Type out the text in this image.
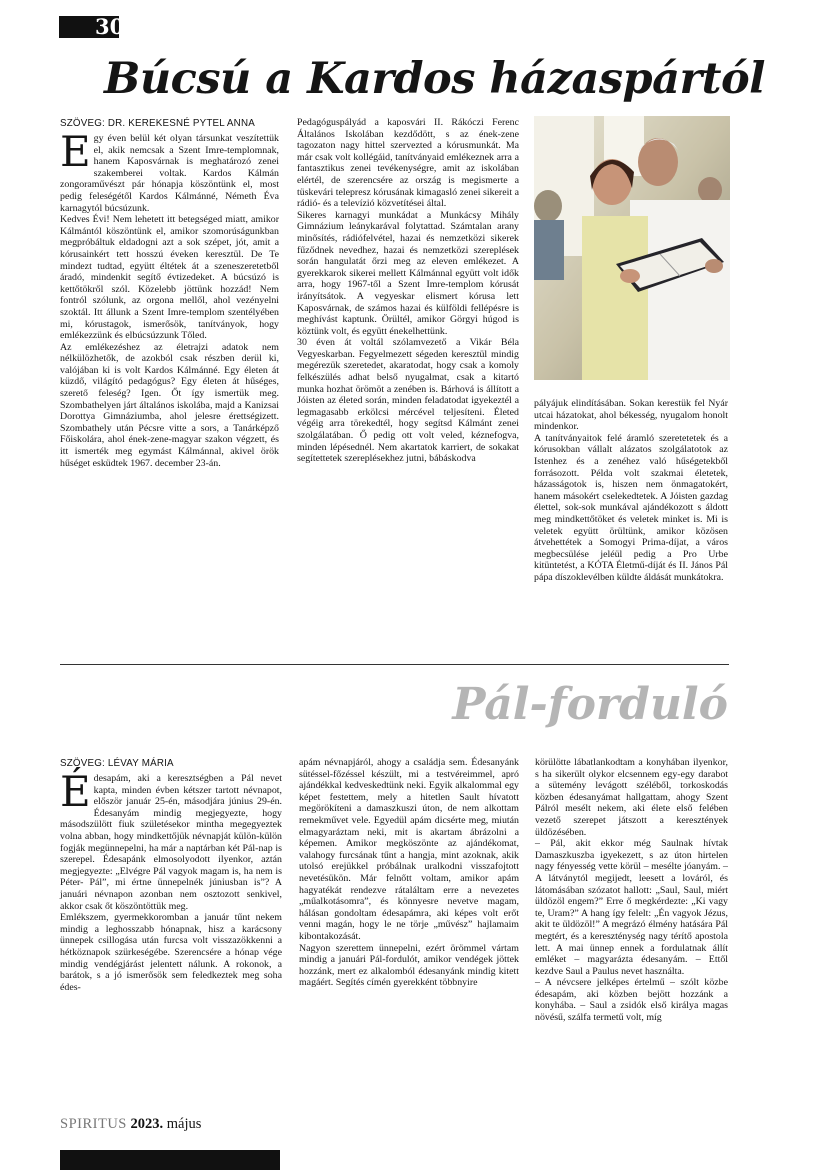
30
Búcsú a Kardos házaspártól
SZÖVEG: DR. KEREKESNÉ PYTEL ANNA
E gy éven belül két olyan társunkat veszítettük el, akik nemcsak a Szent Imre-templomnak, hanem Kaposvárnak is meghatározó zenei szakemberei voltak. Kardos Kálmán zongoraművészt pár hónapja köszöntünk el, most pedig feleségétől Kardos Kálmánné, Németh Éva karnagytól búcsúzunk.

Kedves Évi! Nem lehetett itt betegséged miatt, amikor Kálmántól köszöntünk el, amikor szomorúságunkban megpróbáltuk eldadogni azt a sok szépet, jót, amit a kórusainkért tett hosszú éveken keresztül. De Te mindezt tudtad, együtt éltétek át a szeneszeretetből áradó, mindenkit segítő évtizedeket. A búcsúzó is kettőtökről szól. Közelebb jöttünk hozzád! Nem fontról szólunk, az orgona mellől, ahol vezényelni szoktál. Itt állunk a Szent Imre-templom szentélyében mi, kórustagok, ismerősök, tanítványok, hogy emlékezzünk és elbúcsúzzunk Tőled.

Az emlékezéshez az életrajzi adatok nem nélkülözhetők, de azokból csak részben derül ki, valójában ki is volt Kardos Kálmánné. Egy életen át küzdő, világító pedagógus? Egy életen át hűséges, szerető feleség? Igen. Őt így ismertük meg. Szombathelyen járt általános iskolába, majd a Kanizsai Dorottya Gimnáziumba, ahol jelesre érettségizett. Szombathely után Pécsre vitte a sors, a Tanárképző Főiskolára, ahol ének-zene-magyar szakon végzett, és itt ismerték meg egymást Kálmánnal, akivel örök hűséget esküdtek 1967. december 23-án.

Pedagóguspályád a kaposvári II. Rákóczi Ferenc Általános Iskolában kezdődött, s az ének-zene tagozaton nagy hittel szervezted a kórusmunkát. Ma már csak volt kollégáid, tanítványaid emlékeznek arra a fantasztikus zenei tevékenységre, amit az iskolában elértél, de szerencsére az ország is megismerte a tüskevári telepresz kórusának kimagasló zenei sikereit a rádió- és a televízió közvetítései által.

Sikeres karnagyi munkádat a Munkácsy Mihály Gimnázium leánykarával folytattad. Számtalan arany minősítés, rádiófelvétel, hazai és nemzetközi sikerek fűződnek nevedhez, hazai és nemzetközi szereplések során hangulatát őrzi meg az eleven emlékezet. A gyerekkarok sikerei mellett Kálmánnal együtt volt idők arra, hogy 1967-től a Szent Imre-templom kórusát irányítsátok. A vegyeskar elismert kórusa lett Kaposvárnak, de számos hazai és külföldi fellépésre is meghívást kaptunk. Örültél, amikor Görgyi húgod is köztünk volt, és együtt énekelhettünk.

30 éven át voltál szólamvezető a Vikár Béla Vegyeskarban. Fegyelmezett ségeden keresztül mindig megérezük szeretedet, akaratodat, hogy csak a komoly felkészülés adhat belső nyugalmat, csak a kitartó munka hozhat örömöt a zenében is. Bárhová is állított a Jóisten az életed során, minden feladatodat igyekeztél a legmagasabb erkölcsi mércével teljesíteni. Életed végéig arra törekedtél, hogy segítsd Kálmánt zenei szolgálatában. Ő pedig ott volt veled, kéznefogva, minden lépésednél. Nem akartatok karriert, de sokakat segítettetek szereplésekhez jutni, bábáskodva

pályájuk elindításában. Sokan kerestük fel Nyár utcai házatokat, ahol békesség, nyugalom honolt mindenkor.

A tanítványaitok felé áramló szeretetetek és a kórusokban vállalt alázatos szolgálatotok az Istenhez és a zenéhez való hűségetekből forrásozott. Példa volt szakmai életetek, házasságotok is, hiszen nem önmagatokért, hanem másokért cselekedtetek. A Jóisten gazdag élettel, sok-sok munkával ajándékozott s áldott meg mindkettőtöket és veletek minket is. Mi is veletek együtt örültünk, amikor közösen átvehettétek a Somogyi Prima-díjat, a város megbecsülése jeléül pedig a Pro Urbe kitüntetést, a KÓTA Életmű-díját és II. János Pál pápa díszoklevélben küldte áldását munkátokra.

Pál-forduló
SZÖVEG: LÉVAY MÁRIA
É desapám, aki a keresztségben a Pál nevet kapta, minden évben kétszer tartott névnapot, először január 25-én, másodjára június 29-én. Édesanyám mindig megjegyezte, hogy másodszülött fiuk születésekor mintha megegyeztek volna abban, hogy mindkettőjük névnapját külön-külön fogják megünnepelni, ha már a naptárban két Pál-nap is szerepel. Édesapánk elmosolyodott ilyenkor, aztán megjegyezte: „Elvégre Pál vagyok magam is, ha nem is Péter- Pál”, mi értne ünnepelnék júniusban is”? A januári névnapon azonban nem osztozott senkivel, akkor csak őt köszöntöttük meg.

Emlékszem, gyermekkoromban a január tűnt nekem mindig a leghosszabb hónapnak, hisz a karácsony ünnepek csillogása után furcsa volt visszazökkenni a hétköznapok szürkeségébe. Szerencsére a hónap vége mindig vendégjárást jelentett nálunk. A rokonok, a barátok, s a jó ismerősök sem feledkeztek meg soha édes-

apám névnapjáról, ahogy a családja sem. Édesanyánk sütéssel-főzéssel készült, mi a testvéreimmel, apró ajándékkal kedveskedtünk neki. Egyik alkalommal egy képet festettem, mely a hitetlen Sault hívatott megörökíteni a damaszkuszi úton, de nem alkottam remekművet vele. Egyedül apám dicsérte meg, miután elmagyaráztam neki, mit is akartam ábrázolni a képemen. Amikor megköszönte az ajándékomat, valahogy furcsának tűnt a hangja, mint azoknak, akik utolsó erejükkel próbálnak uralkodni visszafojtott nevetésükön. Már felnőtt voltam, amikor apám hagyatékát rendezve rátaláltam erre a nevezetes „műalkotásomra”, és könnyesre nevetve magam, hálásan gondoltam édesapámra, aki képes volt erőt venni magán, hogy le ne törje „művész” hajlamaim kibontakozását.

Nagyon szerettem ünnepelni, ezért örömmel vártam mindig a januári Pál-fordulót, amikor vendégek jöttek hozzánk, mert ez alkalomból édesanyánk mindig kitett magáért. Segítés címén gyerekként többnyire

körülötte lábatlankodtam a konyhában ilyenkor, s ha sikerült olykor elcsennem egy-egy darabot a sütemény levágott széléből, torkoskodás közben édesanyámat hallgattam, ahogy Szent Pálról mesélt nekem, aki élete első felében vezető szerepet játszott a keresztények üldözésében.

– Pál, akit ekkor még Saulnak hívtak Damaszkuszba igyekezett, s az úton hirtelen nagy fényesség vette körül – mesélte jóanyám. – A látványtól megijedt, leesett a lováról, és látomásában szózatot hallott: „Saul, Saul, miért üldözöl engem?” Erre ő megkérdezte: „Ki vagy te, Uram?” A hang így felelt: „Én vagyok Jézus, akit te üldözöl!” A megrázó élmény hatására Pál megtért, és a kereszténység nagy térítő apostola lett. A mai ünnep ennek a fordulatnak állít emléket – magyarázta édesanyám. – Ettől kezdve Saul a Paulus nevet használta.

– A névcsere jelképes értelmű – szólt közbe édesapám, aki közben bejött hozzánk a konyhába. – Saul a zsidók első királya magas növésű, szálfa termetű volt, míg

SPIRITUS 2023. május
